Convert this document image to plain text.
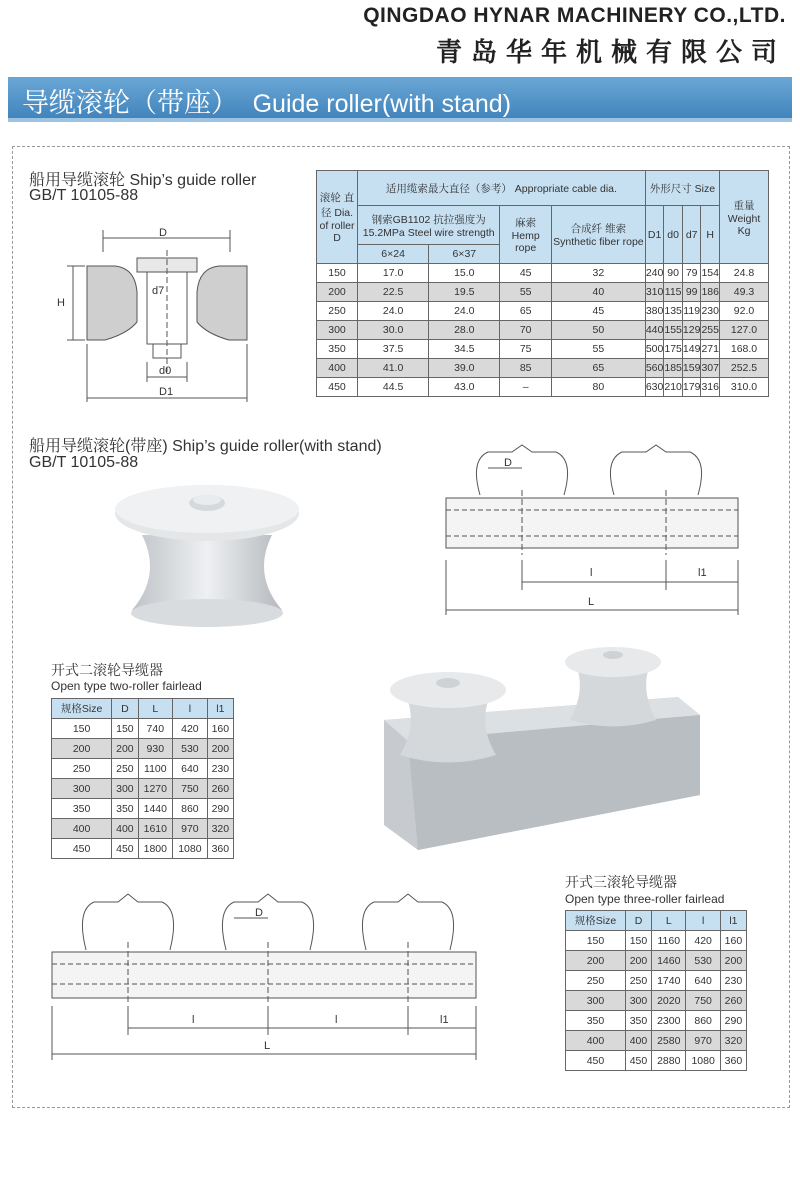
QINGDAO HYNAR MACHINERY CO.,LTD.
青岛华年机械有限公司
导缆滚轮（带座） Guide roller(with stand)
船用导缆滚轮 Ship’s guide roller
GB/T 10105-88
D
H
d7
d0
D1
滚轮 直径 Dia. of roller D	适用缆索最大直径（参考） Appropriate cable dia.				外形尺寸 Size				重量 Weight Kg
	钢索GB1102 抗拉强度为15.2MPa Steel wire strength		麻索 Hemp rope	合成纤 维索 Synthetic fiber rope	D1	d0	d7	H	
	6×24	6×37							
150	17.0	15.0	45	32	240	90	79	154	24.8
200	22.5	19.5	55	40	310	115	99	186	49.3
250	24.0	24.0	65	45	380	135	119	230	92.0
300	30.0	28.0	70	50	440	155	129	255	127.0
350	37.5	34.5	75	55	500	175	149	271	168.0
400	41.0	39.0	85	65	560	185	159	307	252.5
450	44.5	43.0	–	80	630	210	179	316	310.0
船用导缆滚轮(带座) Ship’s guide roller(with stand)
GB/T 10105-88	D
l	l1
L
开式二滚轮导缆器
Open type two-roller fairlead
规格Size	D	L	l	l1
150	150	740	420	160
200	200	930	530	200
250	250	1100	640	230
300	300	1270	750	260
350	350	1440	860	290
400	400	1610	970	320
450	450	1800	1080	360
D
l	l	l1
L
开式三滚轮导缆器
Open type three-roller fairlead
规格Size	D	L	l	l1
150	150	1160	420	160
200	200	1460	530	200
250	250	1740	640	230
300	300	2020	750	260
350	350	2300	860	290
400	400	2580	970	320
450	450	2880	1080	360
